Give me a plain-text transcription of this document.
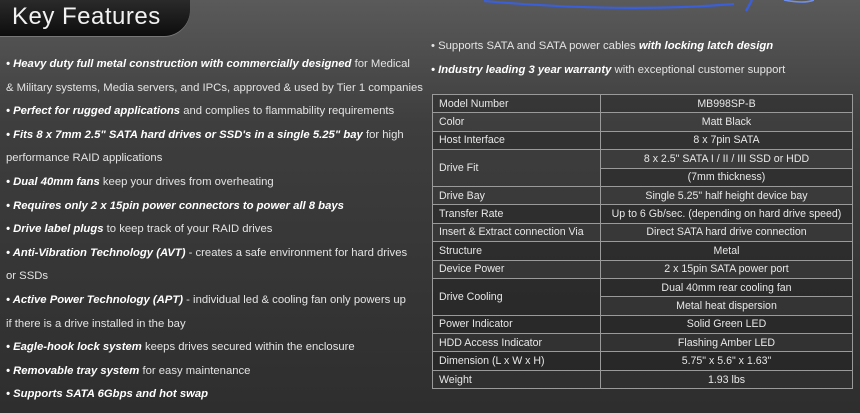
Key Features
• Heavy duty full metal construction with commercially designed for Medical
& Military systems, Media servers, and IPCs, approved & used by Tier 1 companies
• Perfect for rugged applications and complies to flammability requirements
• Fits 8 x 7mm 2.5" SATA hard drives or SSD's in a single 5.25" bay for high
performance RAID applications
• Dual 40mm fans keep your drives from overheating
• Requires only 2 x 15pin power connectors to power all 8 bays
• Drive label plugs to keep track of your RAID drives
• Anti-Vibration Technology (AVT) - creates a safe environment for hard drives
or SSDs
• Active Power Technology (APT) - individual led & cooling fan only powers up
if there is a drive installed in the bay
• Eagle-hook lock system keeps drives secured within the enclosure
• Removable tray system for easy maintenance
• Supports SATA 6Gbps and hot swap
• Supports SATA and SATA power cables with locking latch design
• Industry leading 3 year warranty with exceptional customer support
Model Number	MB998SP-B
Color	Matt Black
Host Interface	8 x 7pin SATA
Drive Fit	8 x 2.5" SATA I / II / III SSD or HDD
	(7mm thickness)
Drive Bay	Single 5.25" half height device bay
Transfer Rate	Up to 6 Gb/sec. (depending on hard drive speed)
Insert & Extract connection Via	Direct SATA hard drive connection
Structure	Metal
Device Power	2 x 15pin SATA power port
Drive Cooling	Dual 40mm rear cooling fan
	Metal heat dispersion
Power Indicator	Solid Green LED
HDD Access Indicator	Flashing Amber LED
Dimension (L x W x H)	5.75" x 5.6" x 1.63"
Weight	1.93 lbs
